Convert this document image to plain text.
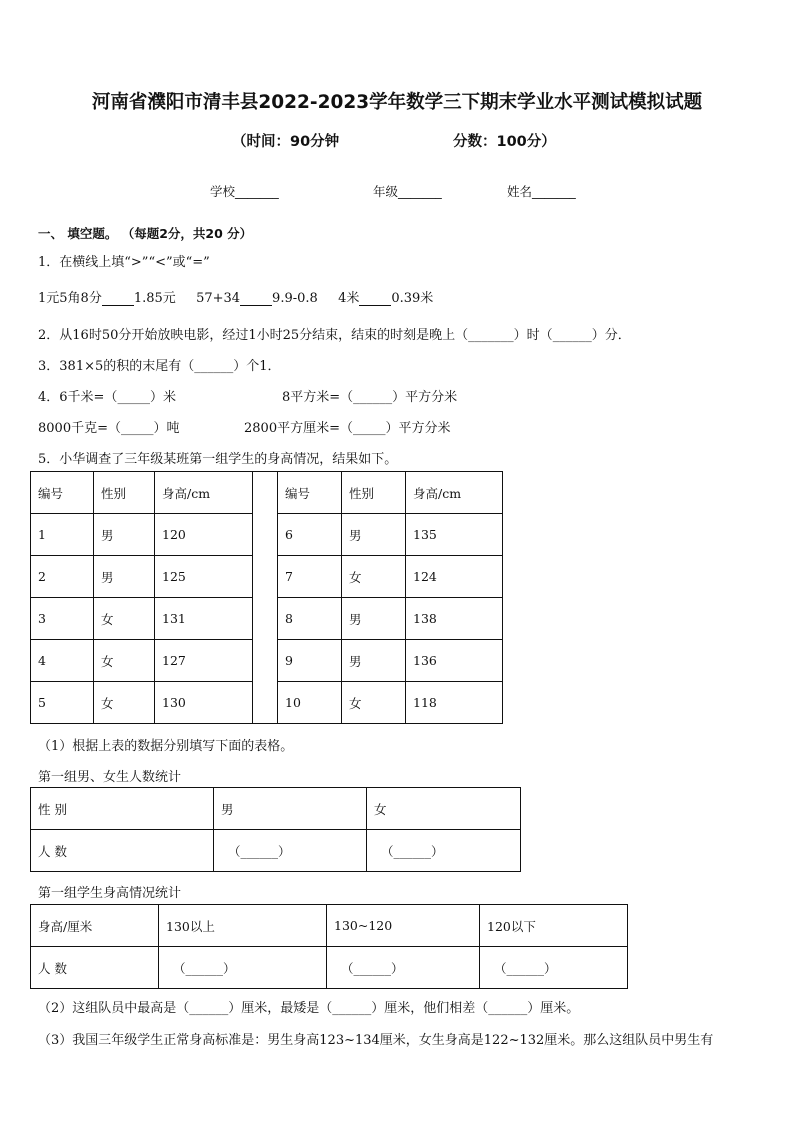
河南省濮阳市清丰县2022-2023学年数学三下期末学业水平测试模拟试题
（时间：90分钟	分数：100分）
学校_______	年级_______	姓名_______
一、 填空题。 （每题2分，共20 分）
1．在横线上填“>”“<”或“=”
1元5角8分 1.85元 57+34 9.9-0.8 4米 0.39米
2．从16时50分开始放映电影，经过1小时25分结束，结束的时刻是晚上（_______）时（______）分．
3．381×5的积的末尾有（______）个1．
4．6千米=（_____）米	8平方米=（______）平方分米
8000千克=（_____）吨	2800平方厘米=（_____）平方分米
5．小华调查了三年级某班第一组学生的身高情况，结果如下。
编号	性别	身高/cm		编号	性别	身高/cm
1	男	120		6	男	135
2	男	125		7	女	124
3	女	131		8	男	138
4	女	127		9	男	136
5	女	130		10	女	118
（1）根据上表的数据分别填写下面的表格。
第一组男、女生人数统计
性 别	男	女
人 数	（______）	（______）
第一组学生身高情况统计
身高/厘米	130以上	130~120	120以下
人 数	（______）	（______）	（______）
（2）这组队员中最高是（______）厘米，最矮是（______）厘米，他们相差（______）厘米。
（3）我国三年级学生正常身高标准是：男生身高123~134厘米，女生身高是122~132厘米。那么这组队员中男生有
